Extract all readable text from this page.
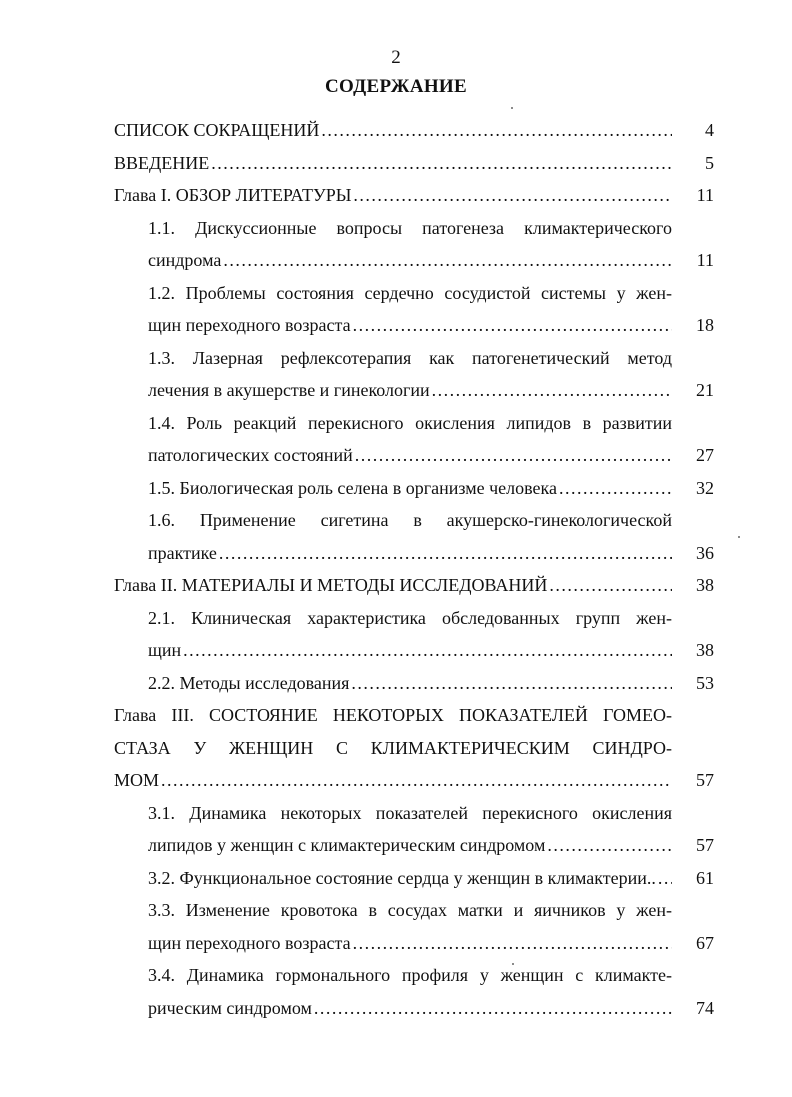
2
СОДЕРЖАНИЕ
СПИСОК СОКРАЩЕНИЙ .....	4
ВВЕДЕНИЕ .....	5
Глава I. ОБЗОР ЛИТЕРАТУРЫ .....	11
1.1. Дискуссионные вопросы патогенеза климактерического
синдрома .....	11
1.2. Проблемы состояния сердечно сосудистой системы у жен-
щин переходного возраста .....	18
1.3. Лазерная рефлексотерапия как патогенетический метод
лечения в акушерстве и гинекологии .....	21
1.4. Роль реакций перекисного окисления липидов в развитии
патологических состояний .....	27
1.5. Биологическая роль селена в организме человека .....	32
1.6. Применение сигетина в акушерско-гинекологической
практике .....	36
Глава II. МАТЕРИАЛЫ И МЕТОДЫ ИССЛЕДОВАНИЙ .....	38
2.1. Клиническая характеристика обследованных групп жен-
щин .....	38
2.2. Методы исследования .....	53
Глава III. СОСТОЯНИЕ НЕКОТОРЫХ ПОКАЗАТЕЛЕЙ ГОМЕО-
СТАЗА У ЖЕНЩИН С КЛИМАКТЕРИЧЕСКИМ СИНДРО-
МОМ .....	57
3.1. Динамика некоторых показателей перекисного окисления
липидов у женщин с климактерическим синдромом .....	57
3.2. Функциональное состояние сердца у женщин в климактерии.. .....	61
3.3. Изменение кровотока в сосудах матки и яичников у жен-
щин переходного возраста .....	67
3.4. Динамика гормонального профиля у женщин с климакте-
рическим синдромом .....	74
